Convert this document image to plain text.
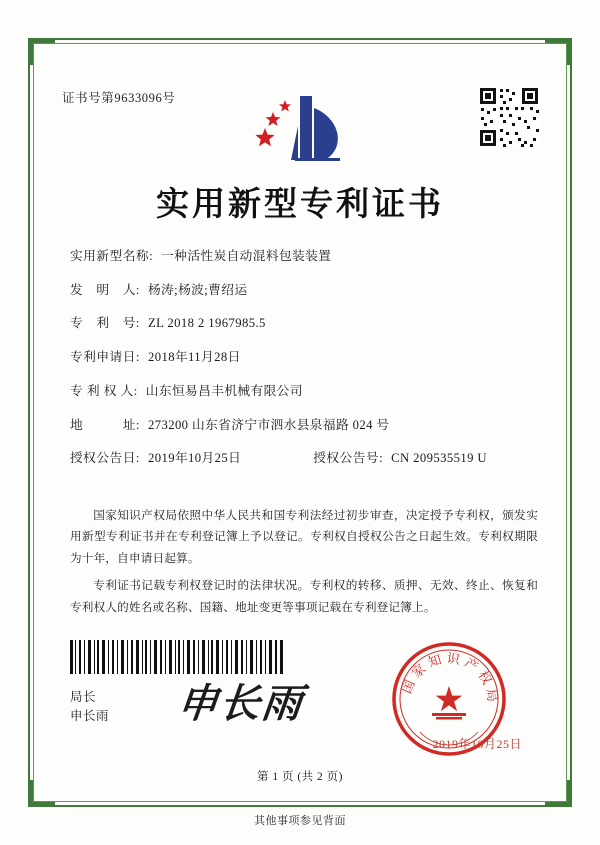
证书号第9633096号
实用新型专利证书
实用新型名称: 一种活性炭自动混料包装装置
发　明　人: 杨涛;杨波;曹绍运
专　利　号: ZL 2018 2 1967985.5
专利申请日: 2018年11月28日
专 利 权 人: 山东恒易昌丰机械有限公司
地　　　址: 273200 山东省济宁市泗水县泉福路 024 号
授权公告日: 2019年10月25日	授权公告号: CN 209535519 U

国家知识产权局依照中华人民共和国专利法经过初步审查，决定授予专利权，颁发实用新型专利证书并在专利登记簿上予以登记。专利权自授权公告之日起生效。专利权期限为十年，自申请日起算。

专利证书记载专利权登记时的法律状况。专利权的转移、质押、无效、终止、恢复和专利权人的姓名或名称、国籍、地址变更等事项记载在专利登记簿上。

局长
申长雨 申长雨	国家知识产权局
2019年10月25日
第 1 页 (共 2 页)
其他事项参见背面
